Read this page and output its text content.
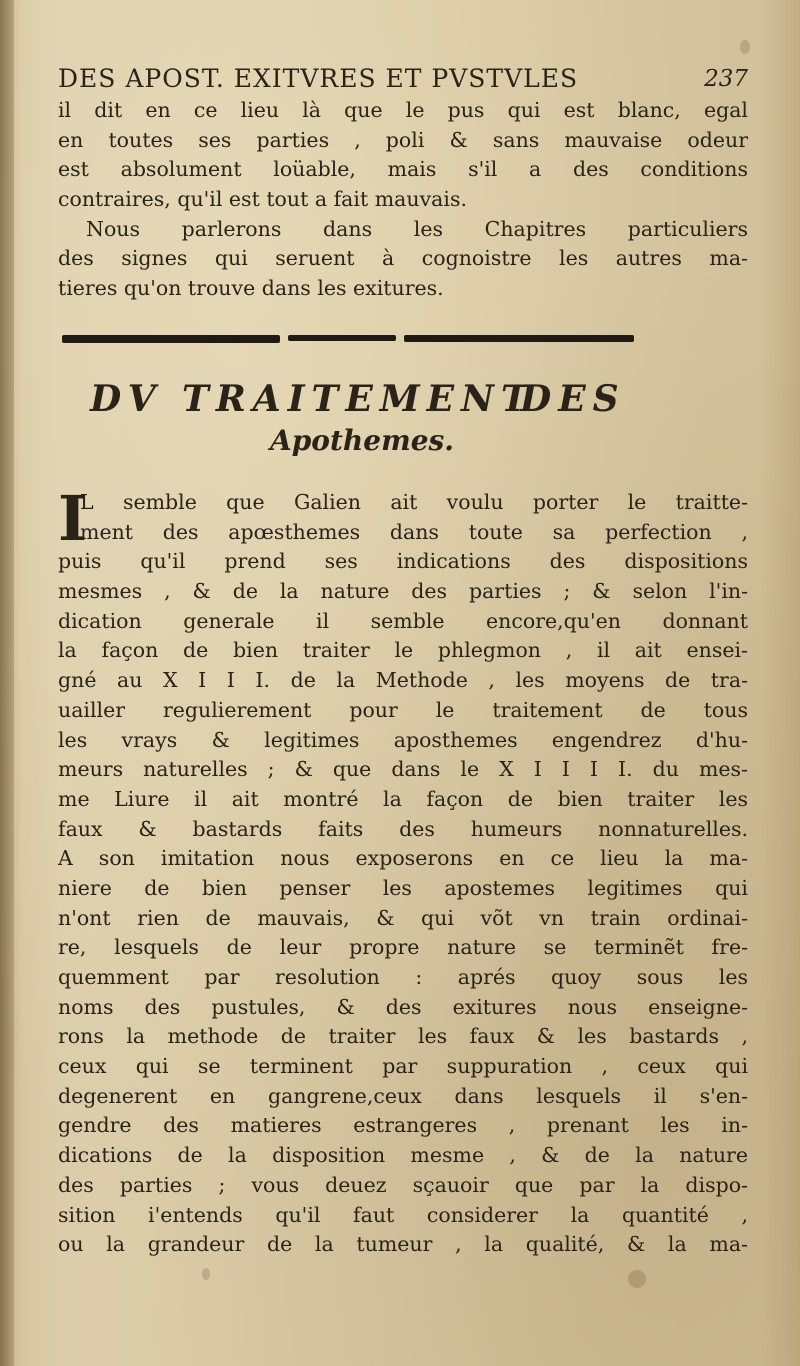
DES APOST. EXITVRES ET PVSTVLES	237
il dit en ce lieu là que le pus qui est blanc, egal
en toutes ses parties , poli & sans mauvaise odeur
est absolument loüable, mais s'il a des conditions
contraires, qu'il est tout a fait mauvais.
Nous parlerons dans les Chapitres particuliers
des signes qui seruent à cognoistre les autres ma-
tieres qu'on trouve dans les exitures.
DV TRAITEMENT
DES
Apothemes.
I
L semble que Galien ait voulu porter le traitte-
ment des apœsthemes dans toute sa perfection ,
puis qu'il prend ses indications des dispositions
mesmes , & de la nature des parties ; & selon l'in-
dication generale il semble encore,qu'en donnant
la façon de bien traiter le phlegmon , il ait ensei-
gné au X I I I. de la Methode , les moyens de tra-
uailler regulierement pour le traitement de tous
les vrays & legitimes aposthemes engendrez d'hu-
meurs naturelles ; & que dans le X I I I I. du mes-
me Liure il ait montré la façon de bien traiter les
faux & bastards faits des humeurs nonnaturelles.
A son imitation nous exposerons en ce lieu la ma-
niere de bien penser les apostemes legitimes qui
n'ont rien de mauvais, & qui võt vn train ordinai-
re, lesquels de leur propre nature se terminẽt fre-
quemment par resolution : aprés quoy sous les
noms des pustules, & des exitures nous enseigne-
rons la methode de traiter les faux & les bastards ,
ceux qui se terminent par suppuration , ceux qui
degenerent en gangrene,ceux dans lesquels il s'en-
gendre des matieres estrangeres , prenant les in-
dications de la disposition mesme , & de la nature
des parties ; vous deuez sçauoir que par la dispo-
sition i'entends qu'il faut considerer la quantité ,
ou la grandeur de la tumeur , la qualité, & la ma-
